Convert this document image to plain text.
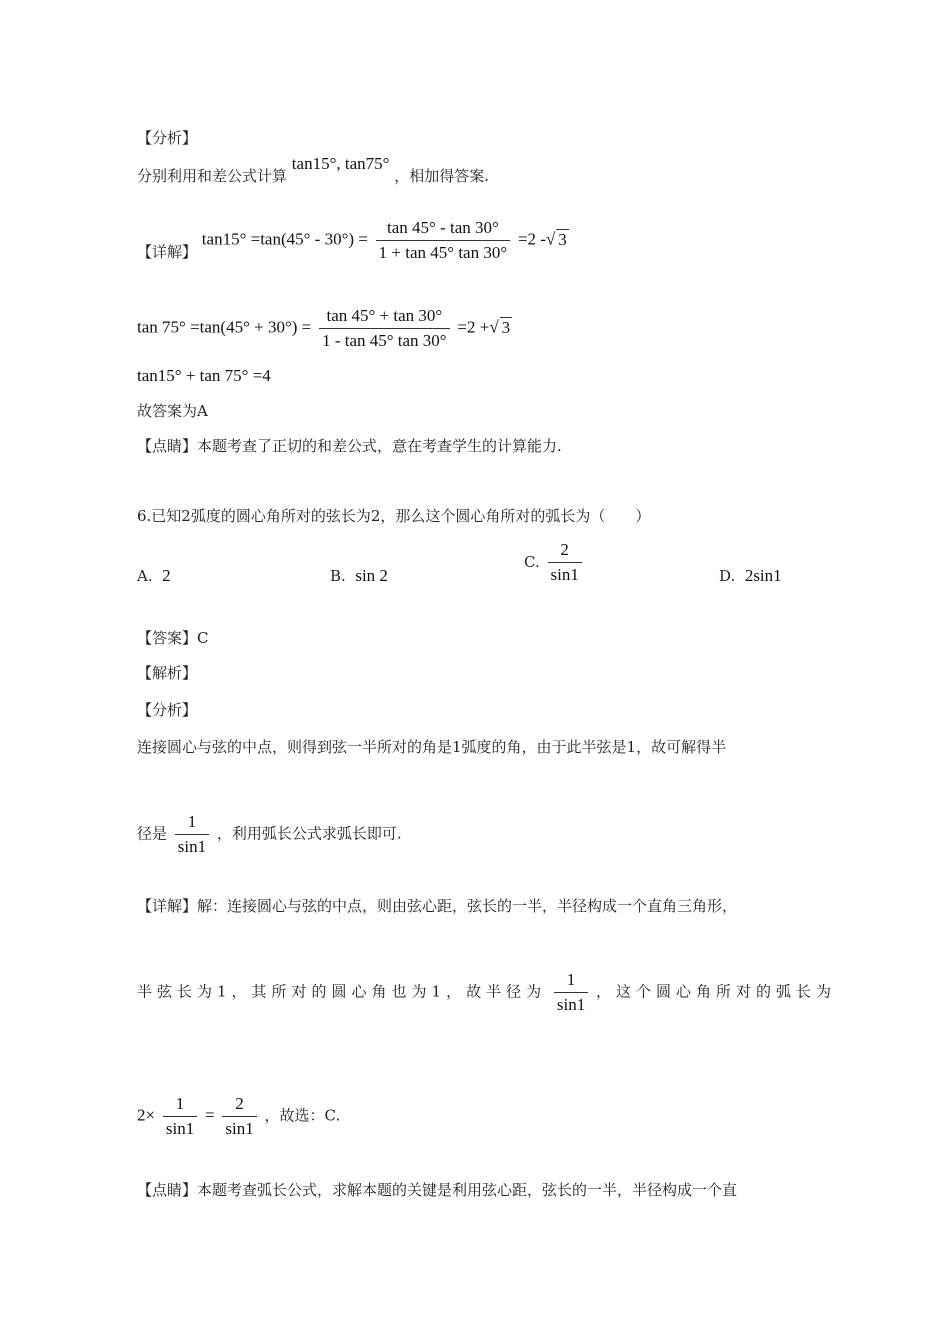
【分析】
分别利用和差公式计算 tan15°, tan75° ，相加得答案.
【详解】 $\tan 15^\circ =\tan(45^\circ - 30^\circ) = \frac{\tan 45^\circ - \tan 30^\circ}{1 + \tan 45^\circ \tan 30^\circ} =2$ -√ 3
$\tan 75^\circ =\tan(45^\circ + 30^\circ) = \frac{\tan 45^\circ + \tan 30^\circ}{1 - \tan 45^\circ \tan 30^\circ} =2$ +√ 3
tan15° + tan 75° =4
故答案为A
【点睛】本题考查了正切的和差公式，意在考查学生的计算能力.
6.已知2弧度的圆心角所对的弦长为2，那么这个圆心角所对的弧长为（　　）
A. 2	B. sin 2
C. $\frac{2}{\sin 1}$	D. 2sin1
【答案】C
【解析】
【分析】
连接圆心与弦的中点，则得到弦一半所对的角是1弧度的角，由于此半弦是1，故可解得半
径是 $\frac{1}{\sin 1}$ ，利用弧长公式求弧长即可.
【详解】解：连接圆心与弦的中点，则由弦心距，弦长的一半，半径构成一个直角三角形，
半弦长为1，其所对的圆心角也为1，故半径为 $\frac{1}{\sin 1}$ ，这个圆心角所对的弧长为
$2\times \frac{1}{\sin 1} = \frac{2}{\sin 1}$ ，故选：C.
【点睛】本题考查弧长公式，求解本题的关键是利用弦心距，弦长的一半，半径构成一个直
